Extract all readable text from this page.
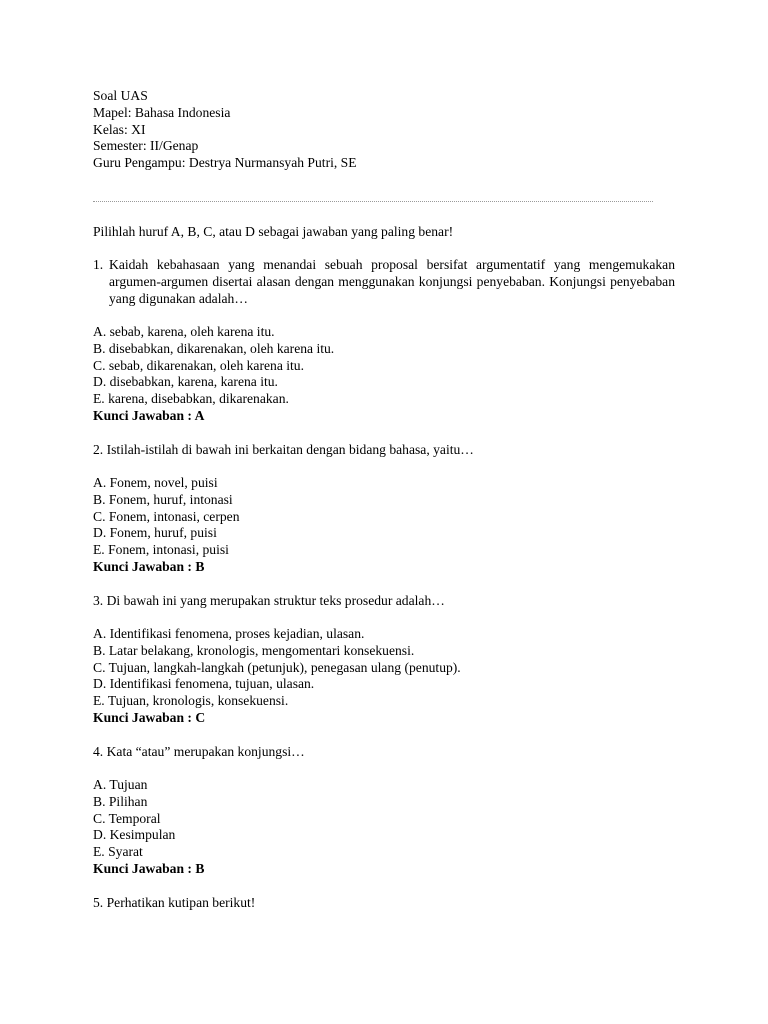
Soal UAS
Mapel: Bahasa Indonesia
Kelas: XI
Semester: II/Genap
Guru Pengampu: Destrya Nurmansyah Putri, SE
Pilihlah huruf A, B, C, atau D sebagai jawaban yang paling benar!
1. Kaidah kebahasaan yang menandai sebuah proposal bersifat argumentatif yang mengemukakan argumen-argumen disertai alasan dengan menggunakan konjungsi penyebaban. Konjungsi penyebaban yang digunakan adalah…
A. sebab, karena, oleh karena itu.
B. disebabkan, dikarenakan, oleh karena itu.
C. sebab, dikarenakan, oleh karena itu.
D. disebabkan, karena, karena itu.
E. karena, disebabkan, dikarenakan.
Kunci Jawaban : A
2. Istilah-istilah di bawah ini berkaitan dengan bidang bahasa, yaitu…
A. Fonem, novel, puisi
B. Fonem, huruf, intonasi
C. Fonem, intonasi, cerpen
D. Fonem, huruf, puisi
E. Fonem, intonasi, puisi
Kunci Jawaban : B
3. Di bawah ini yang merupakan struktur teks prosedur adalah…
A. Identifikasi fenomena, proses kejadian, ulasan.
B. Latar belakang, kronologis, mengomentari konsekuensi.
C. Tujuan, langkah-langkah (petunjuk), penegasan ulang (penutup).
D. Identifikasi fenomena, tujuan, ulasan.
E. Tujuan, kronologis, konsekuensi.
Kunci Jawaban : C
4. Kata “atau” merupakan konjungsi…
A. Tujuan
B. Pilihan
C. Temporal
D. Kesimpulan
E. Syarat
Kunci Jawaban : B
5. Perhatikan kutipan berikut!
